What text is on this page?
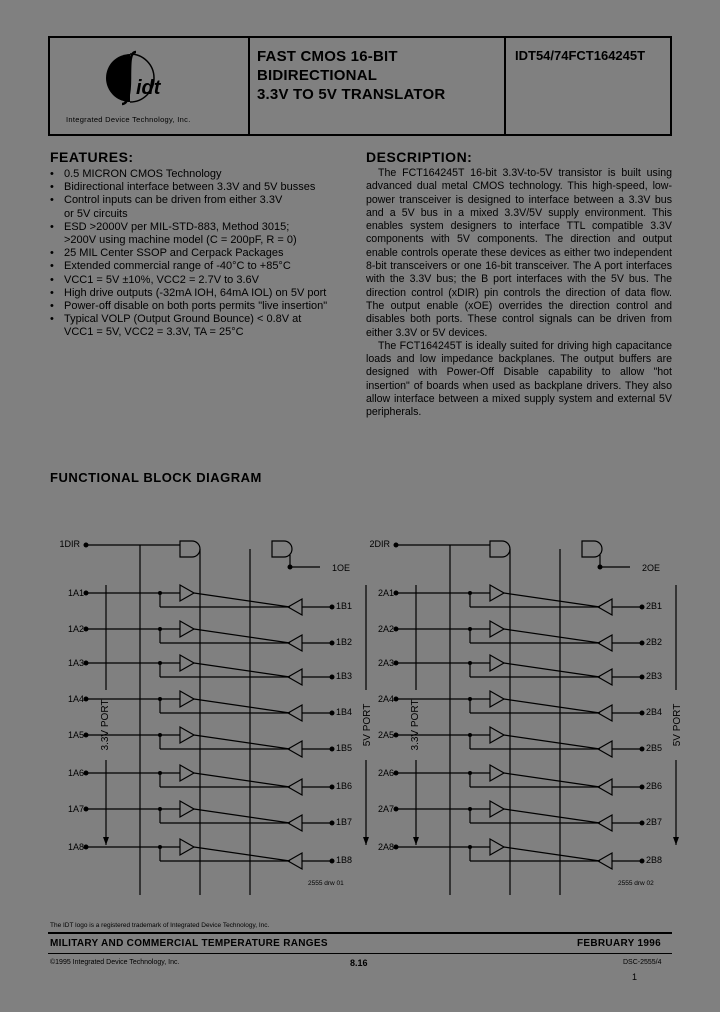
idt
Integrated Device Technology, Inc.
FAST CMOS 16-BIT
BIDIRECTIONAL
3.3V TO 5V TRANSLATOR
IDT54/74FCT164245T
FEATURES:
• 0.5 MICRON CMOS Technology
• Bidirectional interface between 3.3V and 5V busses
• Control inputs can be driven from either 3.3V
or 5V circuits
• ESD >2000V per MIL-STD-883, Method 3015;
>200V using machine model (C = 200pF, R = 0)
• 25 MIL Center SSOP and Cerpack Packages
• Extended commercial range of -40°C to +85°C
• VCC1 = 5V ±10%, VCC2 = 2.7V to 3.6V
• High drive outputs (-32mA IOH, 64mA IOL) on 5V port
• Power-off disable on both ports permits "live insertion"
• Typical VOLP (Output Ground Bounce) < 0.8V at
VCC1 = 5V, VCC2 = 3.3V, TA = 25°C
DESCRIPTION:

The FCT164245T 16-bit 3.3V-to-5V transistor is built using advanced dual metal CMOS technology. This high-speed, low-power transceiver is designed to interface between a 3.3V bus and a 5V bus in a mixed 3.3V/5V supply environment. This enables system designers to interface TTL compatible 3.3V components with 5V components. The direction and output enable controls operate these devices as either two independent 8-bit transceivers or one 16-bit transceiver. The A port interfaces with the 3.3V bus; the B port interfaces with the 5V bus. The direction control (xDIR) pin controls the direction of data flow. The output enable (xOE) overrides the direction control and disables both ports. These control signals can be driven from either 3.3V or 5V devices.

The FCT164245T is ideally suited for driving high capacitance loads and low impedance backplanes. The output buffers are designed with Power-Off Disable capability to allow "hot insertion" of boards when used as backplane drivers. They also allow interface between a mixed supply system and external 5V peripherals.

FUNCTIONAL BLOCK DIAGRAM
1DIR
1OE
3.3V PORT	5V PORT
1A1
1B1
1A2
1B2
1A3
1B3
1A4
1B4
1A5
1B5
1A6
1B6
1A7
1B7
1A8
1B8
2555 drw 01
2DIR
2OE
3.3V PORT	5V PORT
2A1
2B1
2A2
2B2
2A3
2B3
2A4
2B4
2A5
2B5
2A6
2B6
2A7
2B7
2A8
2B8
2555 drw 02
The IDT logo is a registered trademark of Integrated Device Technology, Inc.
MILITARY AND COMMERCIAL TEMPERATURE RANGES	FEBRUARY 1996
©1995 Integrated Device Technology, Inc.	8.16	DSC-2555/4
1
